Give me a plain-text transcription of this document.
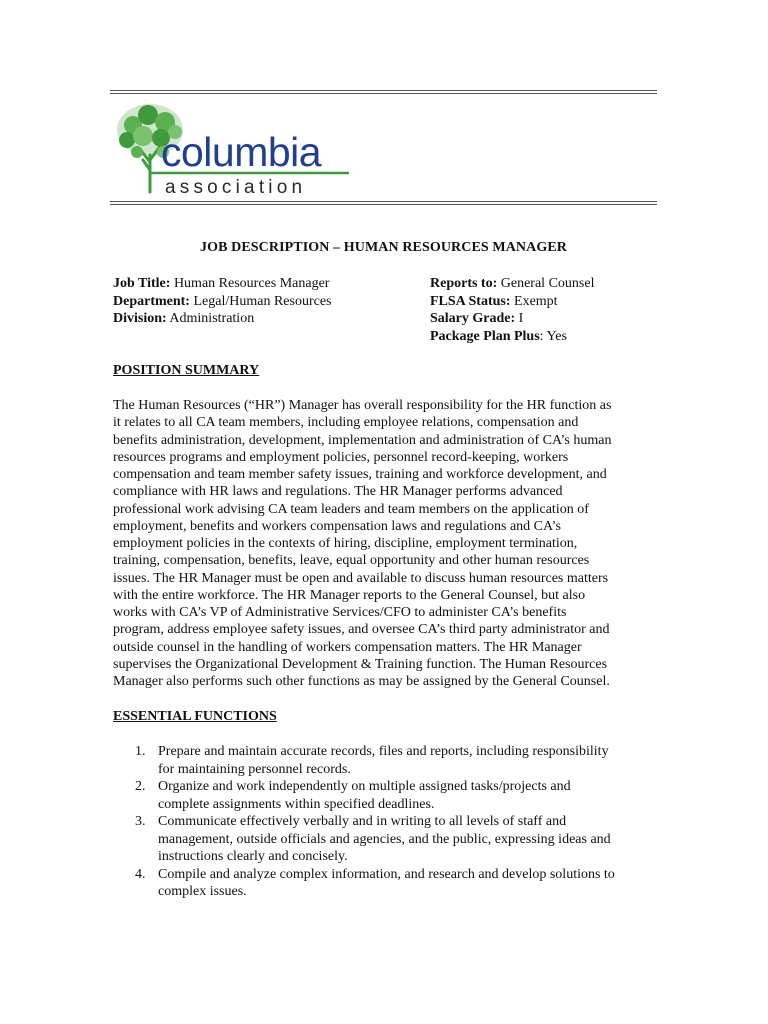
columbia
association
JOB DESCRIPTION – HUMAN RESOURCES MANAGER
Job Title: Human Resources Manager
Department: Legal/Human Resources
Division: Administration
Reports to: General Counsel
FLSA Status: Exempt
Salary Grade: I
Package Plan Plus: Yes
POSITION SUMMARY
The Human Resources (“HR”) Manager has overall responsibility for the HR function as
it relates to all CA team members, including employee relations, compensation and
benefits administration, development, implementation and administration of CA’s human
resources programs and employment policies, personnel record-keeping, workers
compensation and team member safety issues, training and workforce development, and
compliance with HR laws and regulations. The HR Manager performs advanced
professional work advising CA team leaders and team members on the application of
employment, benefits and workers compensation laws and regulations and CA’s
employment policies in the contexts of hiring, discipline, employment termination,
training, compensation, benefits, leave, equal opportunity and other human resources
issues. The HR Manager must be open and available to discuss human resources matters
with the entire workforce. The HR Manager reports to the General Counsel, but also
works with CA’s VP of Administrative Services/CFO to administer CA’s benefits
program, address employee safety issues, and oversee CA’s third party administrator and
outside counsel in the handling of workers compensation matters. The HR Manager
supervises the Organizational Development & Training function. The Human Resources
Manager also performs such other functions as may be assigned by the General Counsel.
ESSENTIAL FUNCTIONS
1. Prepare and maintain accurate records, files and reports, including responsibility
for maintaining personnel records.
2. Organize and work independently on multiple assigned tasks/projects and
complete assignments within specified deadlines.
3. Communicate effectively verbally and in writing to all levels of staff and
management, outside officials and agencies, and the public, expressing ideas and
instructions clearly and concisely.
4. Compile and analyze complex information, and research and develop solutions to
complex issues.
